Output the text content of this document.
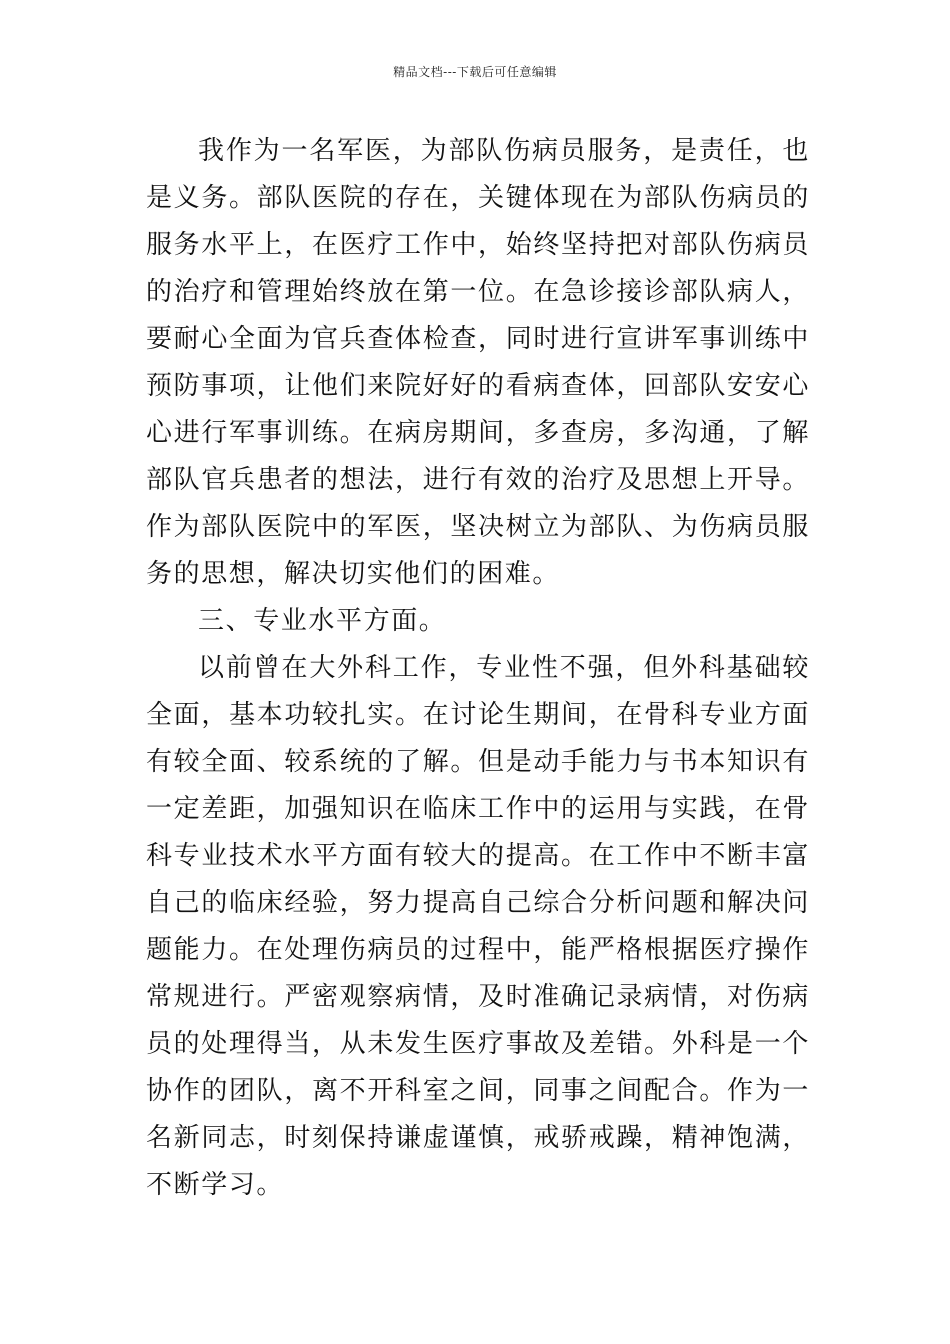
精品文档---下载后可任意编辑

我作为一名军医，为部队伤病员服务，是责任，也是义务。部队医院的存在，关键体现在为部队伤病员的服务水平上，在医疗工作中，始终坚持把对部队伤病员的治疗和管理始终放在第一位。在急诊接诊部队病人，要耐心全面为官兵查体检查，同时进行宣讲军事训练中预防事项，让他们来院好好的看病查体，回部队安安心心进行军事训练。在病房期间，多查房，多沟通，了解部队官兵患者的想法，进行有效的治疗及思想上开导。作为部队医院中的军医，坚决树立为部队、为伤病员服务的思想，解决切实他们的困难。

三、专业水平方面。

以前曾在大外科工作，专业性不强，但外科基础较全面，基本功较扎实。在讨论生期间，在骨科专业方面有较全面、较系统的了解。但是动手能力与书本知识有一定差距，加强知识在临床工作中的运用与实践，在骨科专业技术水平方面有较大的提高。在工作中不断丰富自己的临床经验，努力提高自己综合分析问题和解决问题能力。在处理伤病员的过程中，能严格根据医疗操作常规进行。严密观察病情，及时准确记录病情，对伤病员的处理得当，从未发生医疗事故及差错。外科是一个协作的团队，离不开科室之间，同事之间配合。作为一名新同志，时刻保持谦虚谨慎，戒骄戒躁，精神饱满，不断学习。
